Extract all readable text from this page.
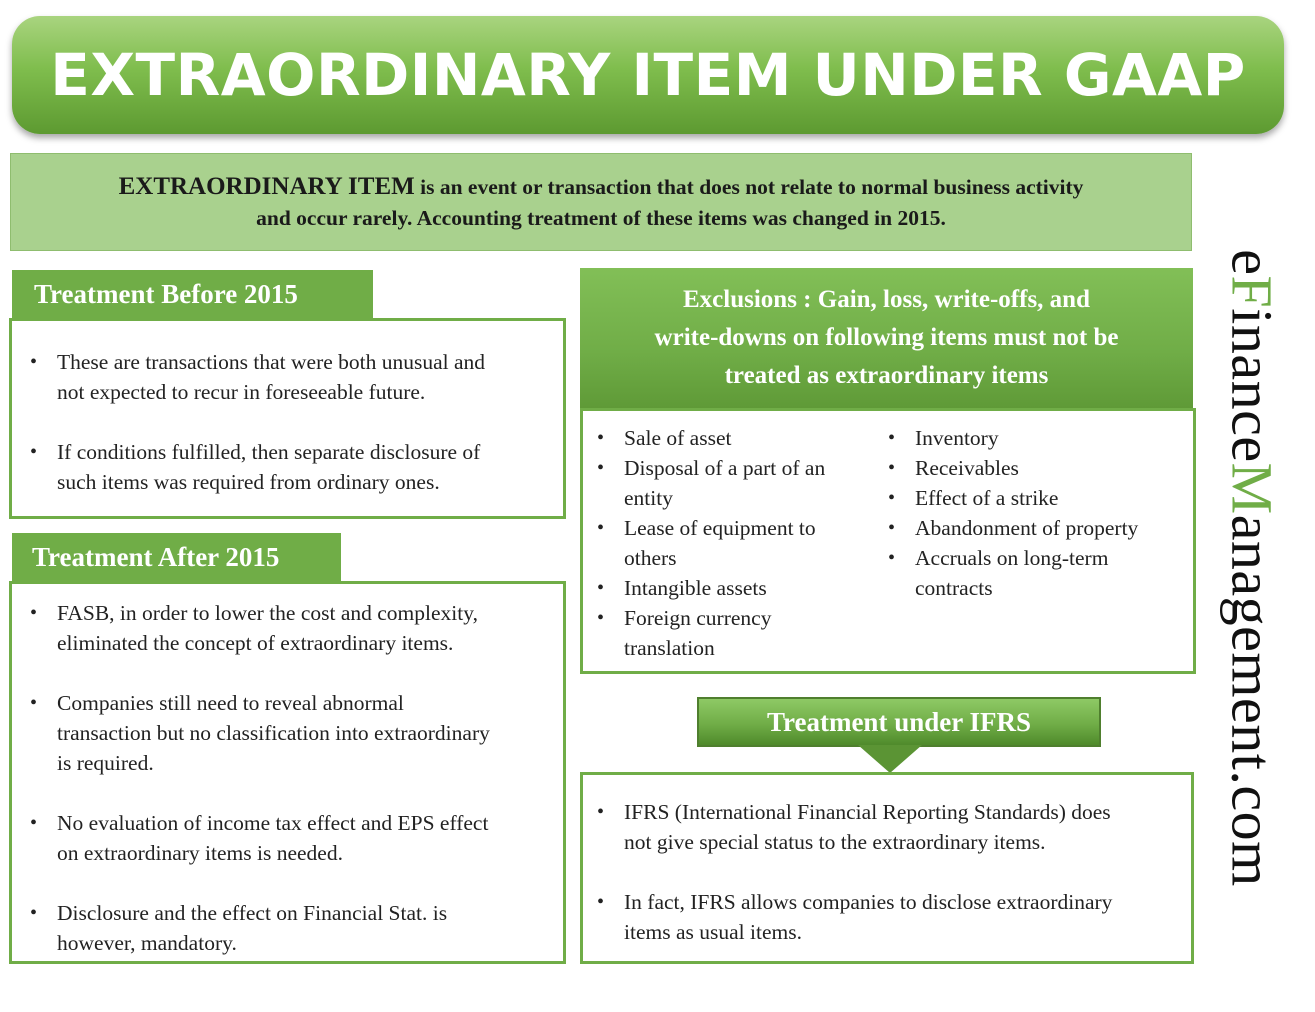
EXTRAORDINARY ITEM UNDER GAAP
EXTRAORDINARY ITEM is an event or transaction that does not relate to normal business activity
and occur rarely. Accounting treatment of these items was changed in 2015.
Treatment Before 2015
• These are transactions that were both unusual and
not expected to recur in foreseeable future.
• If conditions fulfilled, then separate disclosure of
such items was required from ordinary ones.
Treatment After 2015
• FASB, in order to lower the cost and complexity,
eliminated the concept of extraordinary items.
• Companies still need to reveal abnormal
transaction but no classification into extraordinary
is required.
• No evaluation of income tax effect and EPS effect
on extraordinary items is needed.
• Disclosure and the effect on Financial Stat. is
however, mandatory.
Exclusions : Gain, loss, write-offs, and
write-downs on following items must not be
treated as extraordinary items
• Sale of asset
• Disposal of a part of an
entity
• Lease of equipment to
others
• Intangible assets
• Foreign currency
translation
• Inventory
• Receivables
• Effect of a strike
• Abandonment of property
• Accruals on long-term
contracts
Treatment under IFRS
• IFRS (International Financial Reporting Standards) does
not give special status to the extraordinary items.
• In fact, IFRS allows companies to disclose extraordinary
items as usual items.
eFinanceManagement.com
